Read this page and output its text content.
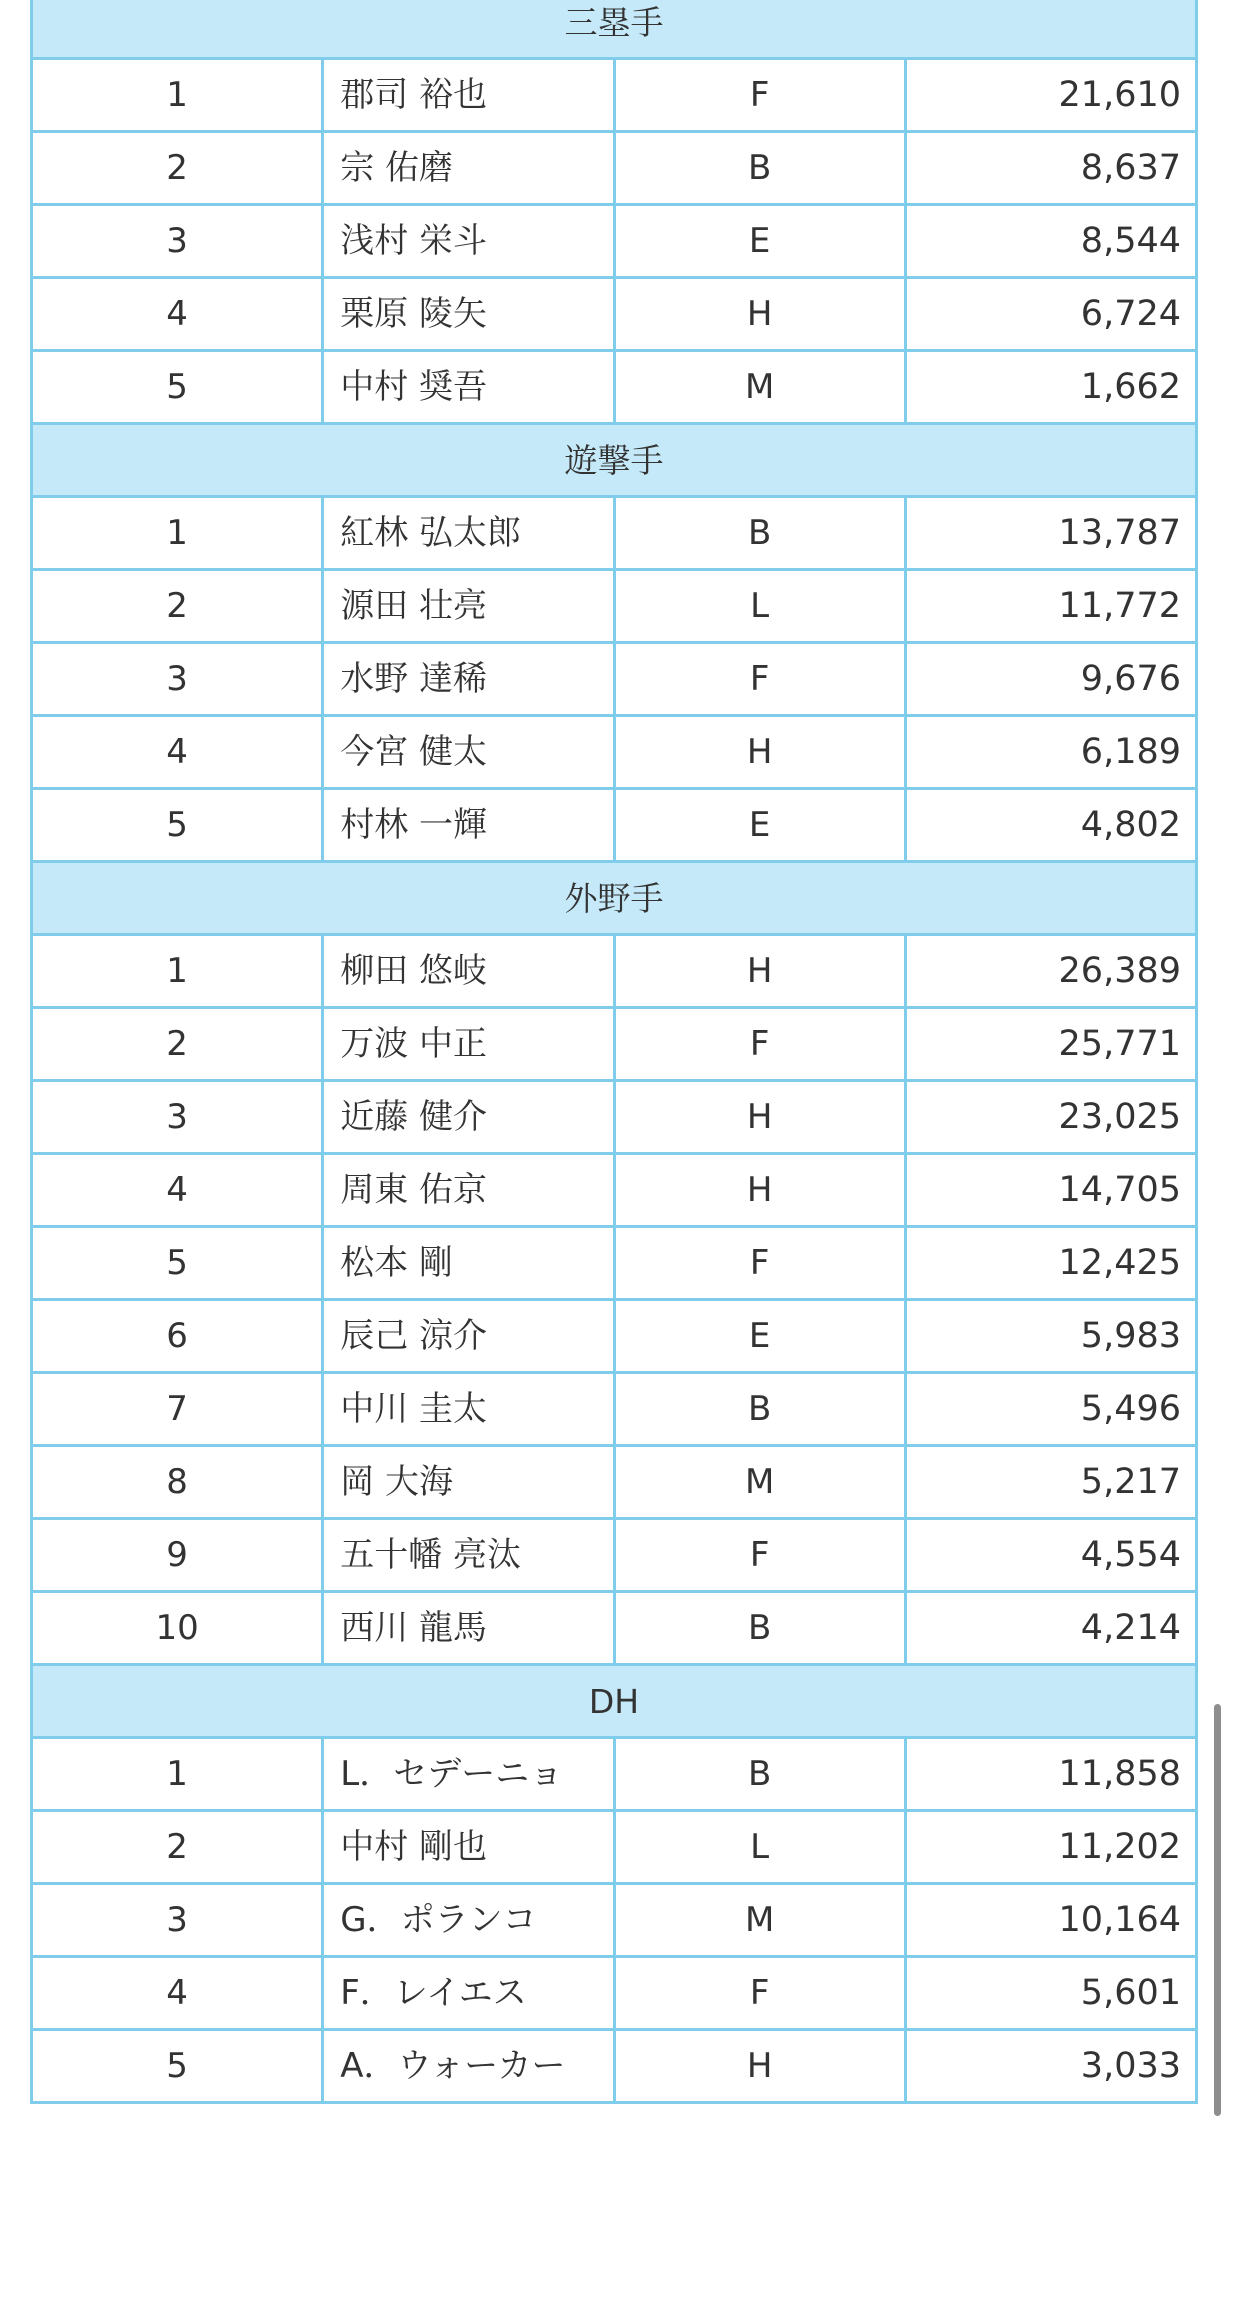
三塁手			
1	郡司 裕也	F	21,610
2	宗 佑磨	B	8,637
3	浅村 栄斗	E	8,544
4	栗原 陵矢	H	6,724
5	中村 奨吾	M	1,662
遊撃手			
1	紅林 弘太郎	B	13,787
2	源田 壮亮	L	11,772
3	水野 達稀	F	9,676
4	今宮 健太	H	6,189
5	村林 一輝	E	4,802
外野手			
1	柳田 悠岐	H	26,389
2	万波 中正	F	25,771
3	近藤 健介	H	23,025
4	周東 佑京	H	14,705
5	松本 剛	F	12,425
6	辰己 涼介	E	5,983
7	中川 圭太	B	5,496
8	岡 大海	M	5,217
9	五十幡 亮汰	F	4,554
10	西川 龍馬	B	4,214
DH			
1	L．セデーニョ	B	11,858
2	中村 剛也	L	11,202
3	G．ポランコ	M	10,164
4	F．レイエス	F	5,601
5	A．ウォーカー	H	3,033
